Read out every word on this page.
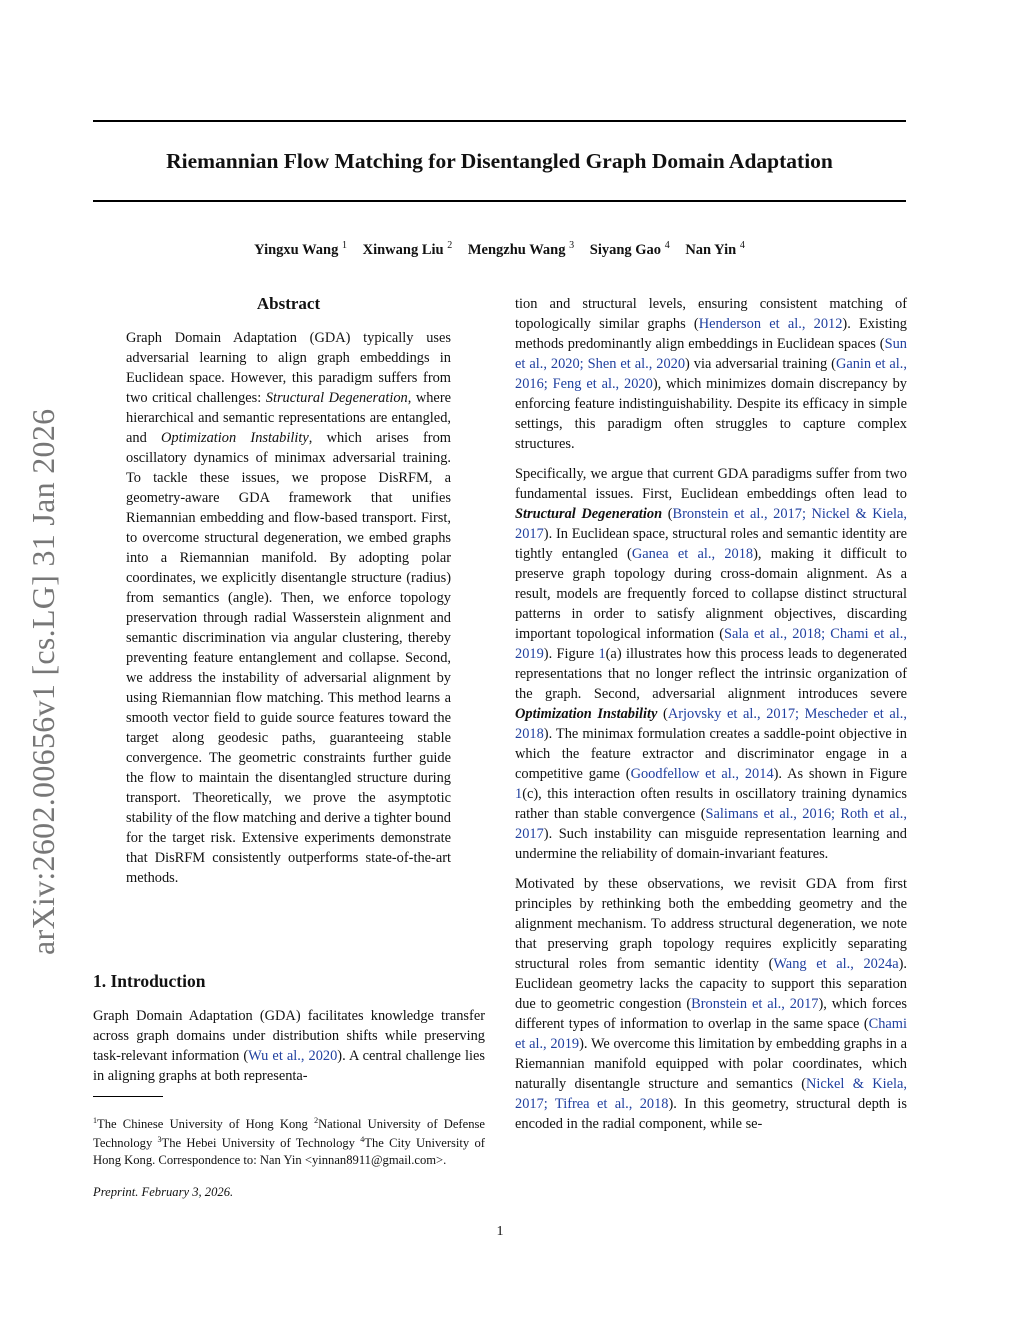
Riemannian Flow Matching for Disentangled Graph Domain Adaptation
Yingxu Wang $^1$ Xinwang Liu $^2$ Mengzhu Wang $^3$ Siyang Gao $^4$ Nan Yin $^4$
arXiv:2602.00656v1 [cs.LG] 31 Jan 2026
Abstract

Graph Domain Adaptation (GDA) typically uses adversarial learning to align graph embeddings in Euclidean space. However, this paradigm suffers from two critical challenges: Structural Degeneration, where hierarchical and semantic representations are entangled, and Optimization Instability, which arises from oscillatory dynamics of minimax adversarial training. To tackle these issues, we propose DisRFM, a geometry-aware GDA framework that unifies Riemannian embedding and flow-based transport. First, to overcome structural degeneration, we embed graphs into a Riemannian manifold. By adopting polar coordinates, we explicitly disentangle structure (radius) from semantics (angle). Then, we enforce topology preservation through radial Wasserstein alignment and semantic discrimination via angular clustering, thereby preventing feature entanglement and collapse. Second, we address the instability of adversarial alignment by using Riemannian flow matching. This method learns a smooth vector field to guide source features toward the target along geodesic paths, guaranteeing stable convergence. The geometric constraints further guide the flow to maintain the disentangled structure during transport. Theoretically, we prove the asymptotic stability of the flow matching and derive a tighter bound for the target risk. Extensive experiments demonstrate that DisRFM consistently outperforms state-of-the-art methods.

1. Introduction

Graph Domain Adaptation (GDA) facilitates knowledge transfer across graph domains under distribution shifts while preserving task-relevant information (Wu et al., 2020). A central challenge lies in aligning graphs at both representa-

$^1$The Chinese University of Hong Kong $^2$National University of Defense Technology $^3$The Hebei University of Technology $^4$The City University of Hong Kong. Correspondence to: Nan Yin <yinnan8911@gmail.com>.

Preprint. February 3, 2026.

tion and structural levels, ensuring consistent matching of topologically similar graphs (Henderson et al., 2012). Existing methods predominantly align embeddings in Euclidean spaces (Sun et al., 2020; Shen et al., 2020) via adversarial training (Ganin et al., 2016; Feng et al., 2020), which minimizes domain discrepancy by enforcing feature indistinguishability. Despite its efficacy in simple settings, this paradigm often struggles to capture complex structures.

Specifically, we argue that current GDA paradigms suffer from two fundamental issues. First, Euclidean embeddings often lead to Structural Degeneration (Bronstein et al., 2017; Nickel & Kiela, 2017). In Euclidean space, structural roles and semantic identity are tightly entangled (Ganea et al., 2018), making it difficult to preserve graph topology during cross-domain alignment. As a result, models are frequently forced to collapse distinct structural patterns in order to satisfy alignment objectives, discarding important topological information (Sala et al., 2018; Chami et al., 2019). Figure 1(a) illustrates how this process leads to degenerated representations that no longer reflect the intrinsic organization of the graph. Second, adversarial alignment introduces severe Optimization Instability (Arjovsky et al., 2017; Mescheder et al., 2018). The minimax formulation creates a saddle-point objective in which the feature extractor and discriminator engage in a competitive game (Goodfellow et al., 2014). As shown in Figure 1(c), this interaction often results in oscillatory training dynamics rather than stable convergence (Salimans et al., 2016; Roth et al., 2017). Such instability can misguide representation learning and undermine the reliability of domain-invariant features.

Motivated by these observations, we revisit GDA from first principles by rethinking both the embedding geometry and the alignment mechanism. To address structural degeneration, we note that preserving graph topology requires explicitly separating structural roles from semantic identity (Wang et al., 2024a). Euclidean geometry lacks the capacity to support this separation due to geometric congestion (Bronstein et al., 2017), which forces different types of information to overlap in the same space (Chami et al., 2019). We overcome this limitation by embedding graphs in a Riemannian manifold equipped with polar coordinates, which naturally disentangle structure and semantics (Nickel & Kiela, 2017; Tifrea et al., 2018). In this geometry, structural depth is encoded in the radial component, while se-

1
